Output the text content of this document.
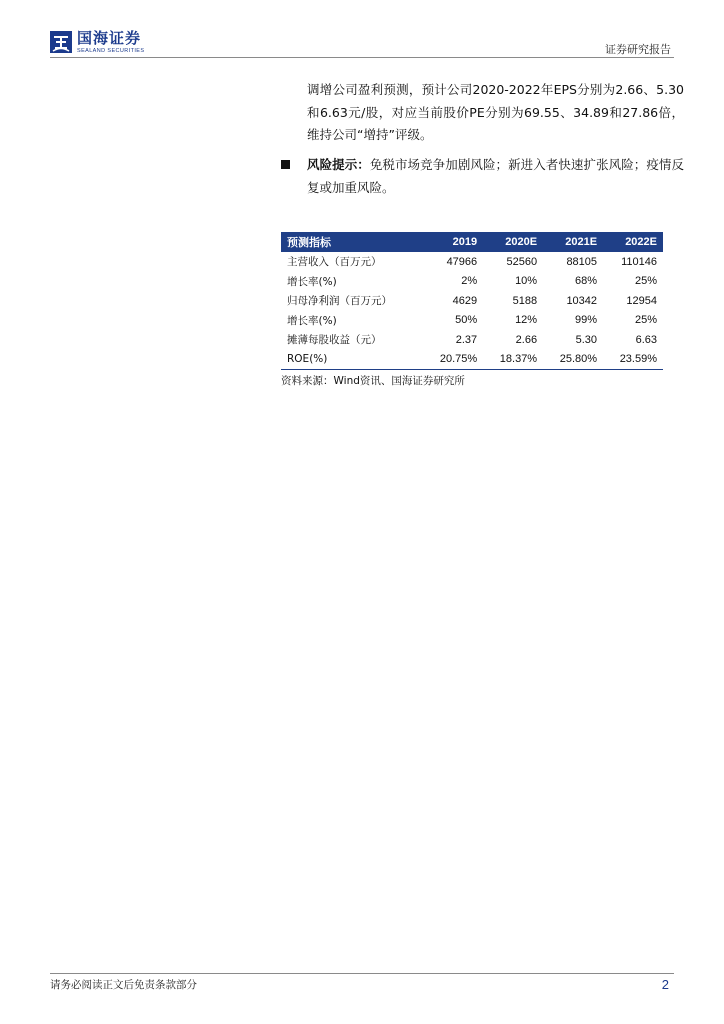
国海证券
SEALAND SECURITIES	证券研究报告
调增公司盈利预测，预计公司2020-2022年EPS分别为2.66、5.30和6.63元/股，对应当前股价PE分别为69.55、34.89和27.86倍，维持公司“增持”评级。
风险提示：免税市场竞争加剧风险；新进入者快速扩张风险；疫情反复或加重风险。
预测指标	2019	2020E	2021E	2022E
主营收入（百万元）	47966	52560	88105	110146
增长率(%)	2%	10%	68%	25%
归母净利润（百万元）	4629	5188	10342	12954
增长率(%)	50%	12%	99%	25%
摊薄每股收益（元）	2.37	2.66	5.30	6.63
ROE(%)	20.75%	18.37%	25.80%	23.59%
资料来源：Wind资讯、国海证券研究所
请务必阅读正文后免责条款部分	2
